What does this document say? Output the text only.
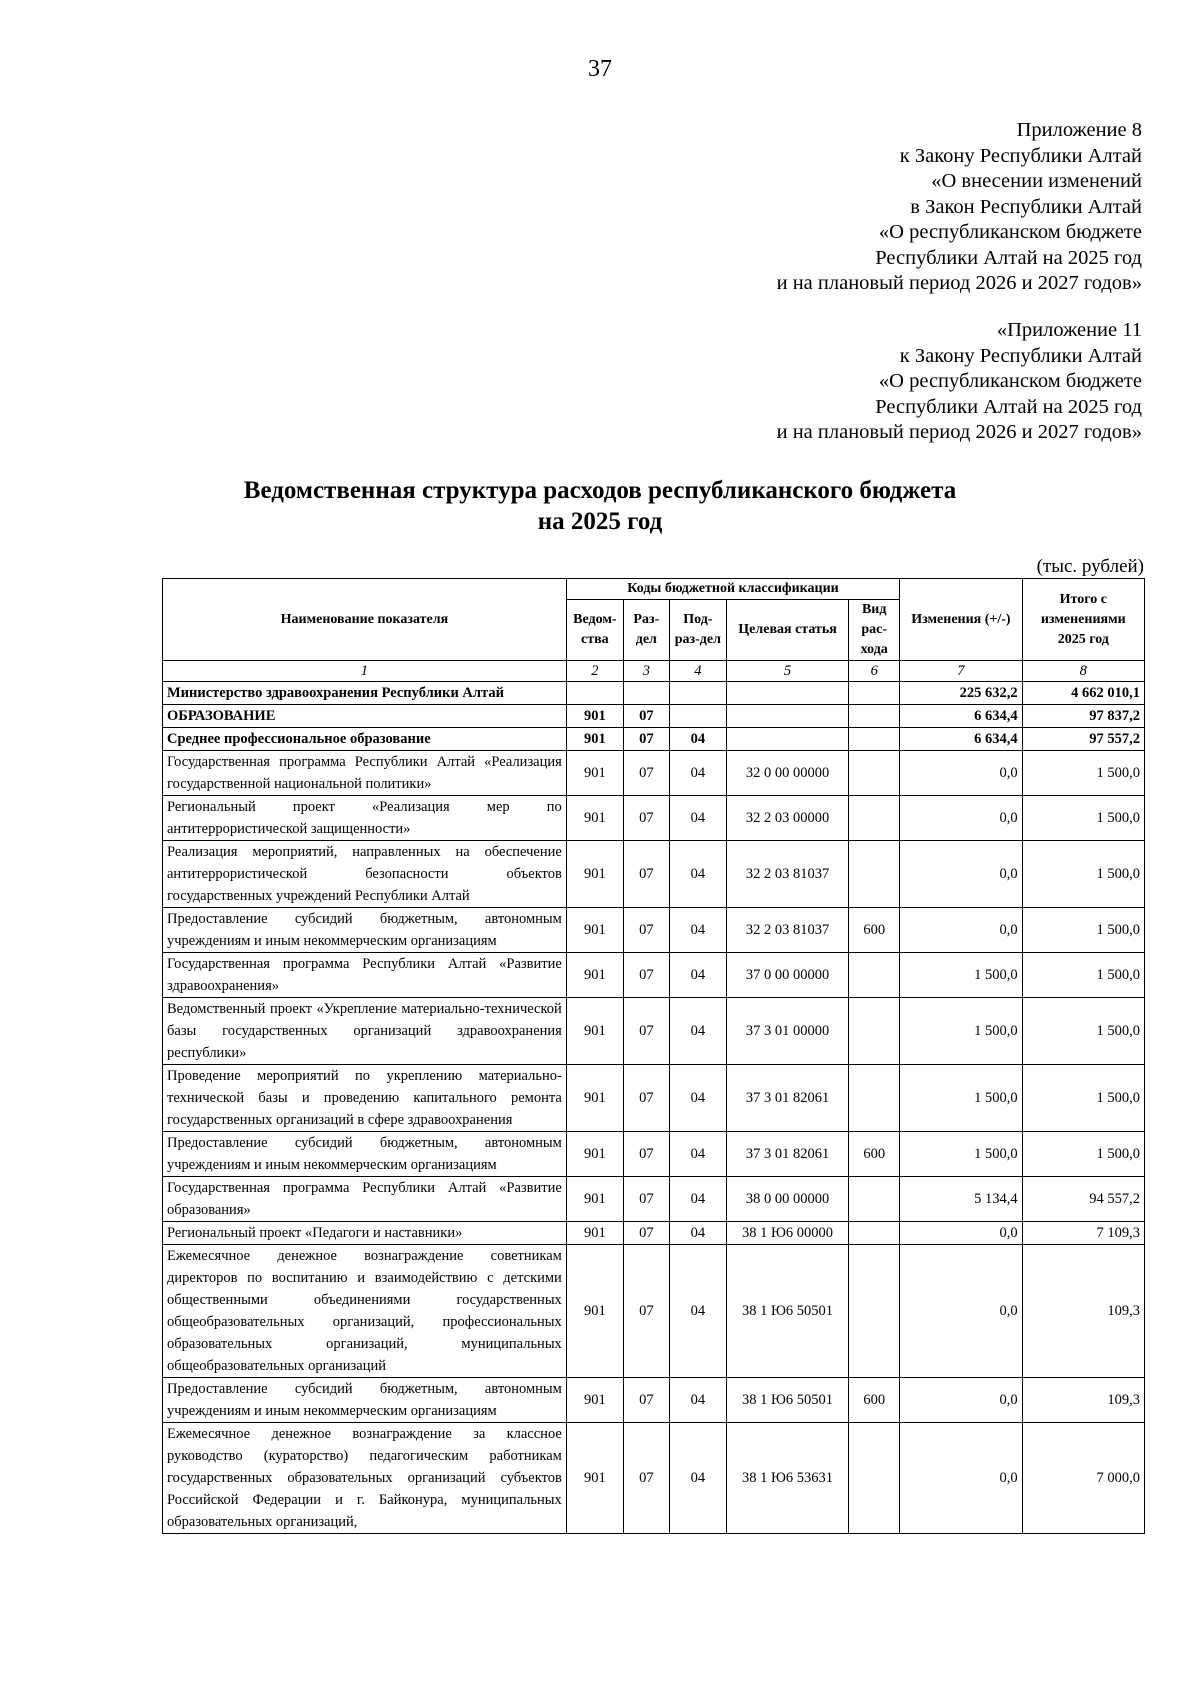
37
Приложение 8
к Закону Республики Алтай
«О внесении изменений
в Закон Республики Алтай
«О республиканском бюджете
Республики Алтай на 2025 год
и на плановый период 2026 и 2027 годов»
«Приложение 11
к Закону Республики Алтай
«О республиканском бюджете
Республики Алтай на 2025 год
и на плановый период 2026 и 2027 годов»
Ведомственная структура расходов республиканского бюджета
на 2025 год
(тыс. рублей)
Наименование показателя	Коды бюджетной классификации					Изменения (+/-)	Итого с изменениями 2025 год
	Ведом-ства	Раз-дел	Под-раз-дел	Целевая статья	Вид рас-хода		
1	2	3	4	5	6	7	8
Министерство здравоохранения Республики Алтай						225 632,2	4 662 010,1
ОБРАЗОВАНИЕ	901	07				6 634,4	97 837,2
Среднее профессиональное образование	901	07	04			6 634,4	97 557,2
Государственная программа Республики Алтай «Реализация государственной национальной политики»	901	07	04	32 0 00 00000		0,0	1 500,0
Региональный проект «Реализация мер по антитеррористической защищенности»	901	07	04	32 2 03 00000		0,0	1 500,0
Реализация мероприятий, направленных на обеспечение антитеррористической безопасности объектов государственных учреждений Республики Алтай	901	07	04	32 2 03 81037		0,0	1 500,0
Предоставление субсидий бюджетным, автономным учреждениям и иным некоммерческим организациям	901	07	04	32 2 03 81037	600	0,0	1 500,0
Государственная программа Республики Алтай «Развитие здравоохранения»	901	07	04	37 0 00 00000		1 500,0	1 500,0
Ведомственный проект «Укрепление материально-технической базы государственных организаций здравоохранения республики»	901	07	04	37 3 01 00000		1 500,0	1 500,0
Проведение мероприятий по укреплению материально-технической базы и проведению капитального ремонта государственных организаций в сфере здравоохранения	901	07	04	37 3 01 82061		1 500,0	1 500,0
Предоставление субсидий бюджетным, автономным учреждениям и иным некоммерческим организациям	901	07	04	37 3 01 82061	600	1 500,0	1 500,0
Государственная программа Республики Алтай «Развитие образования»	901	07	04	38 0 00 00000		5 134,4	94 557,2
Региональный проект «Педагоги и наставники»	901	07	04	38 1 Ю6 00000		0,0	7 109,3
Ежемесячное денежное вознаграждение советникам директоров по воспитанию и взаимодействию с детскими общественными объединениями государственных общеобразовательных организаций, профессиональных образовательных организаций, муниципальных общеобразовательных организаций	901	07	04	38 1 Ю6 50501		0,0	109,3
Предоставление субсидий бюджетным, автономным учреждениям и иным некоммерческим организациям	901	07	04	38 1 Ю6 50501	600	0,0	109,3
Ежемесячное денежное вознаграждение за классное руководство (кураторство) педагогическим работникам государственных образовательных организаций субъектов Российской Федерации и г. Байконура, муниципальных образовательных организаций,	901	07	04	38 1 Ю6 53631		0,0	7 000,0
